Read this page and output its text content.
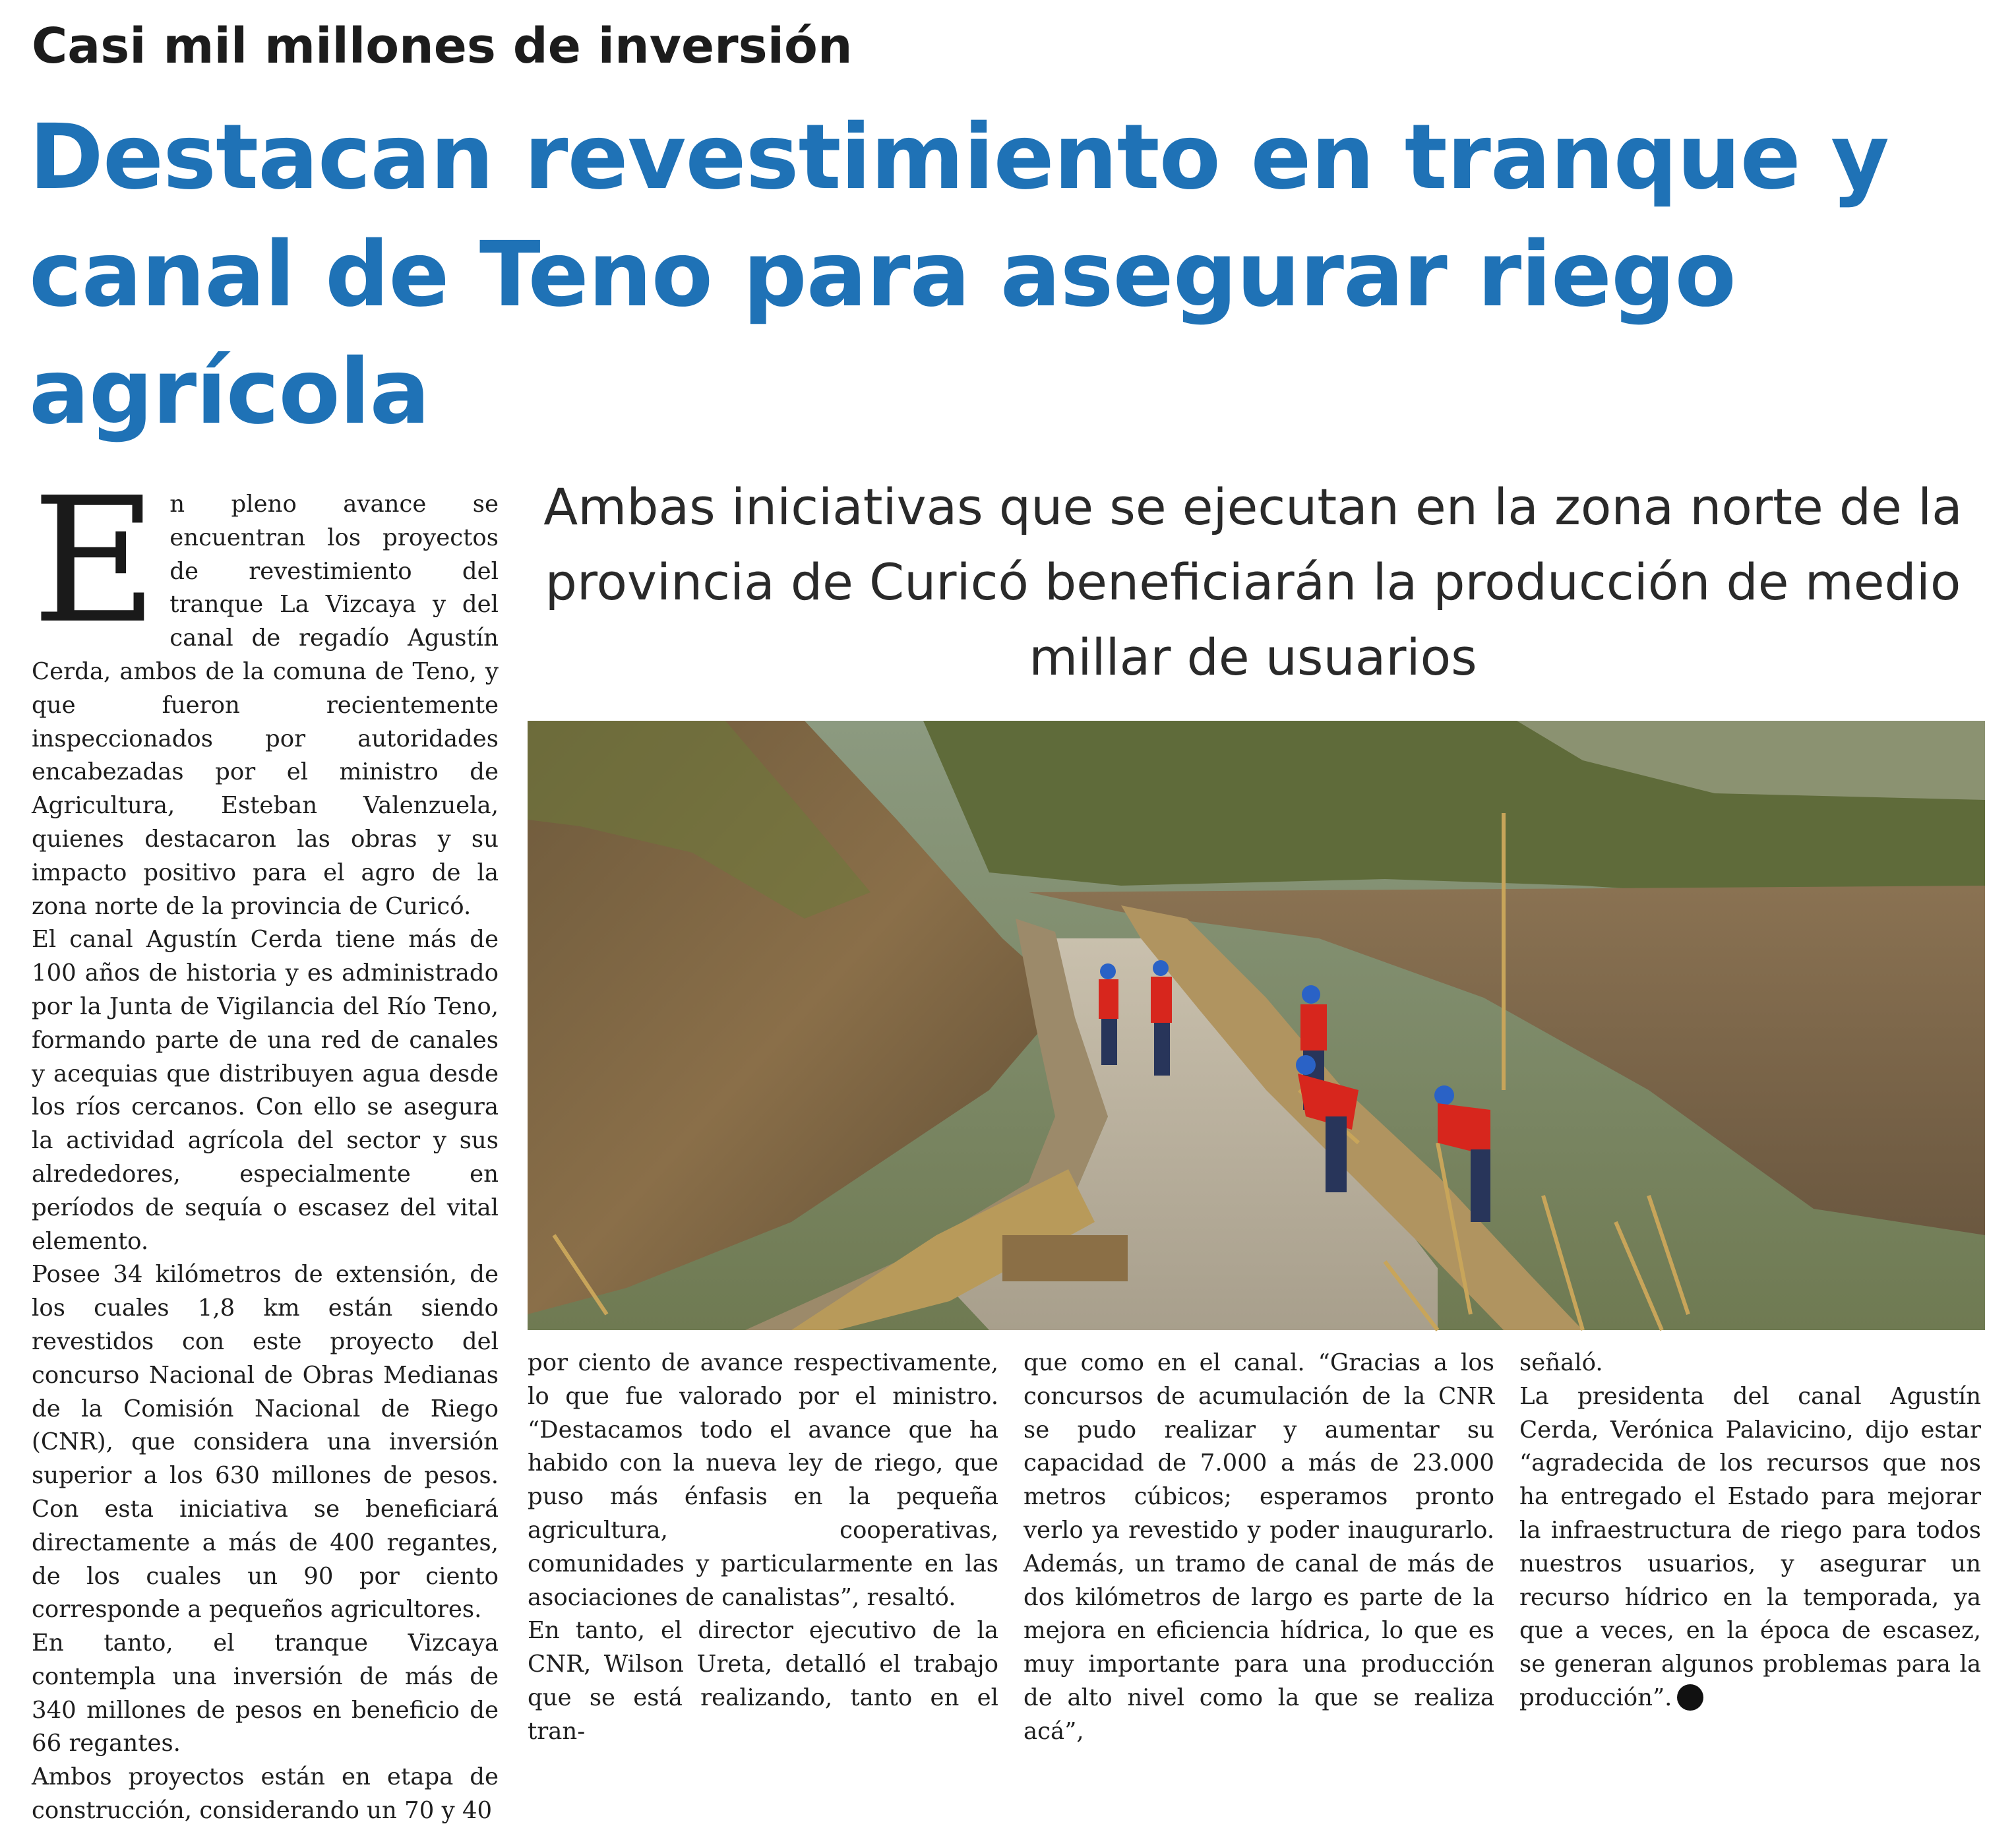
Casi mil millones de inversión
Destacan revestimiento en tranque y canal de Teno para asegurar riego agrícola

Ambas iniciativas que se ejecutan en la zona norte de la provincia de Curicó beneficiarán la producción de medio millar de usuarios

E n pleno avance se encuentran los proyectos de revestimiento del tranque La Vizcaya y del canal de regadío Agustín Cerda, ambos de la comuna de Teno, y que fueron recientemente inspeccionados por autoridades encabezadas por el ministro de Agricultura, Esteban Valenzuela, quienes destacaron las obras y su impacto positivo para el agro de la zona norte de la provincia de Curicó.

El canal Agustín Cerda tiene más de 100 años de historia y es administrado por la Junta de Vigilancia del Río Teno, formando parte de una red de canales y acequias que distribuyen agua desde los ríos cercanos. Con ello se asegura la actividad agrícola del sector y sus alrededores, especialmente en períodos de sequía o escasez del vital elemento.

Posee 34 kilómetros de extensión, de los cuales 1,8 km están siendo revestidos con este proyecto del concurso Nacional de Obras Medianas de la Comisión Nacional de Riego (CNR), que considera una inversión superior a los 630 millones de pesos. Con esta iniciativa se beneficiará directamente a más de 400 regantes, de los cuales un 90 por ciento corresponde a pequeños agricultores.

En tanto, el tranque Vizcaya contempla una inversión de más de 340 millones de pesos en beneficio de 66 regantes.

Ambos proyectos están en etapa de construcción, considerando un 70 y 40

por ciento de avance respectivamente, lo que fue valorado por el ministro. “Destacamos todo el avance que ha habido con la nueva ley de riego, que puso más énfasis en la pequeña agricultura, cooperativas, comunidades y particularmente en las asociaciones de canalistas”, resaltó.

En tanto, el director ejecutivo de la CNR, Wilson Ureta, detalló el trabajo que se está realizando, tanto en el tran-

que como en el canal. “Gracias a los concursos de acumulación de la CNR se pudo realizar y aumentar su capacidad de 7.000 a más de 23.000 metros cúbicos; esperamos pronto verlo ya revestido y poder inaugurarlo. Además, un tramo de canal de más de dos kilómetros de largo es parte de la mejora en eficiencia hídrica, lo que es muy importante para una producción de alto nivel como la que se realiza acá”,

señaló.

La presidenta del canal Agustín Cerda, Verónica Palavicino, dijo estar “agradecida de los recursos que nos ha entregado el Estado para mejorar la infraestructura de riego para todos nuestros usuarios, y asegurar un recurso hídrico en la temporada, ya que a veces, en la época de escasez, se generan algunos problemas para la producción”.
